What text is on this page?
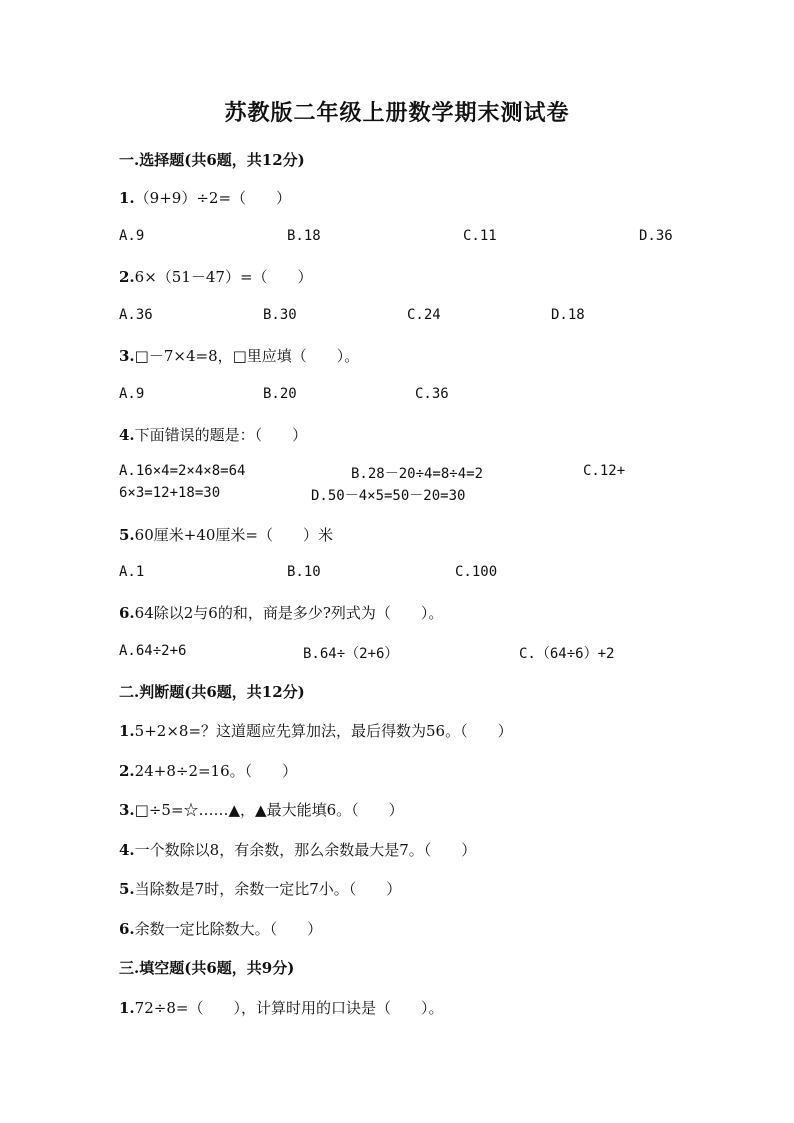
苏教版二年级上册数学期末测试卷
一.选择题(共6题，共12分)
1.（9+9）÷2=（　　）
A.9	B.18	C.11	D.36
2.6×（51－47）=（　　）
A.36	B.30	C.24	D.18
3.□－7×4=8，□里应填（　　）。
A.9	B.20	C.36
4.下面错误的题是：（　　）
A.16×4=2×4×8=64	B.28－20÷4=8÷4=2	C.12+
6×3=12+18=30	D.50－4×5=50－20=30
5.60厘米+40厘米=（　　）米
A.1	B.10	C.100
6.64除以2与6的和，商是多少?列式为（　　）。
A.64÷2+6	B.64÷（2+6）	C.（64÷6）+2
二.判断题(共6题，共12分)
1.5+2×8=？这道题应先算加法，最后得数为56。（　　）
2.24+8÷2=16。（　　）
3.□÷5=☆……▲，▲最大能填6。（　　）
4.一个数除以8，有余数，那么余数最大是7。（　　）
5.当除数是7时，余数一定比7小。（　　）
6.余数一定比除数大。（　　）
三.填空题(共6题，共9分)
1.72÷8=（　　），计算时用的口诀是（　　）。
